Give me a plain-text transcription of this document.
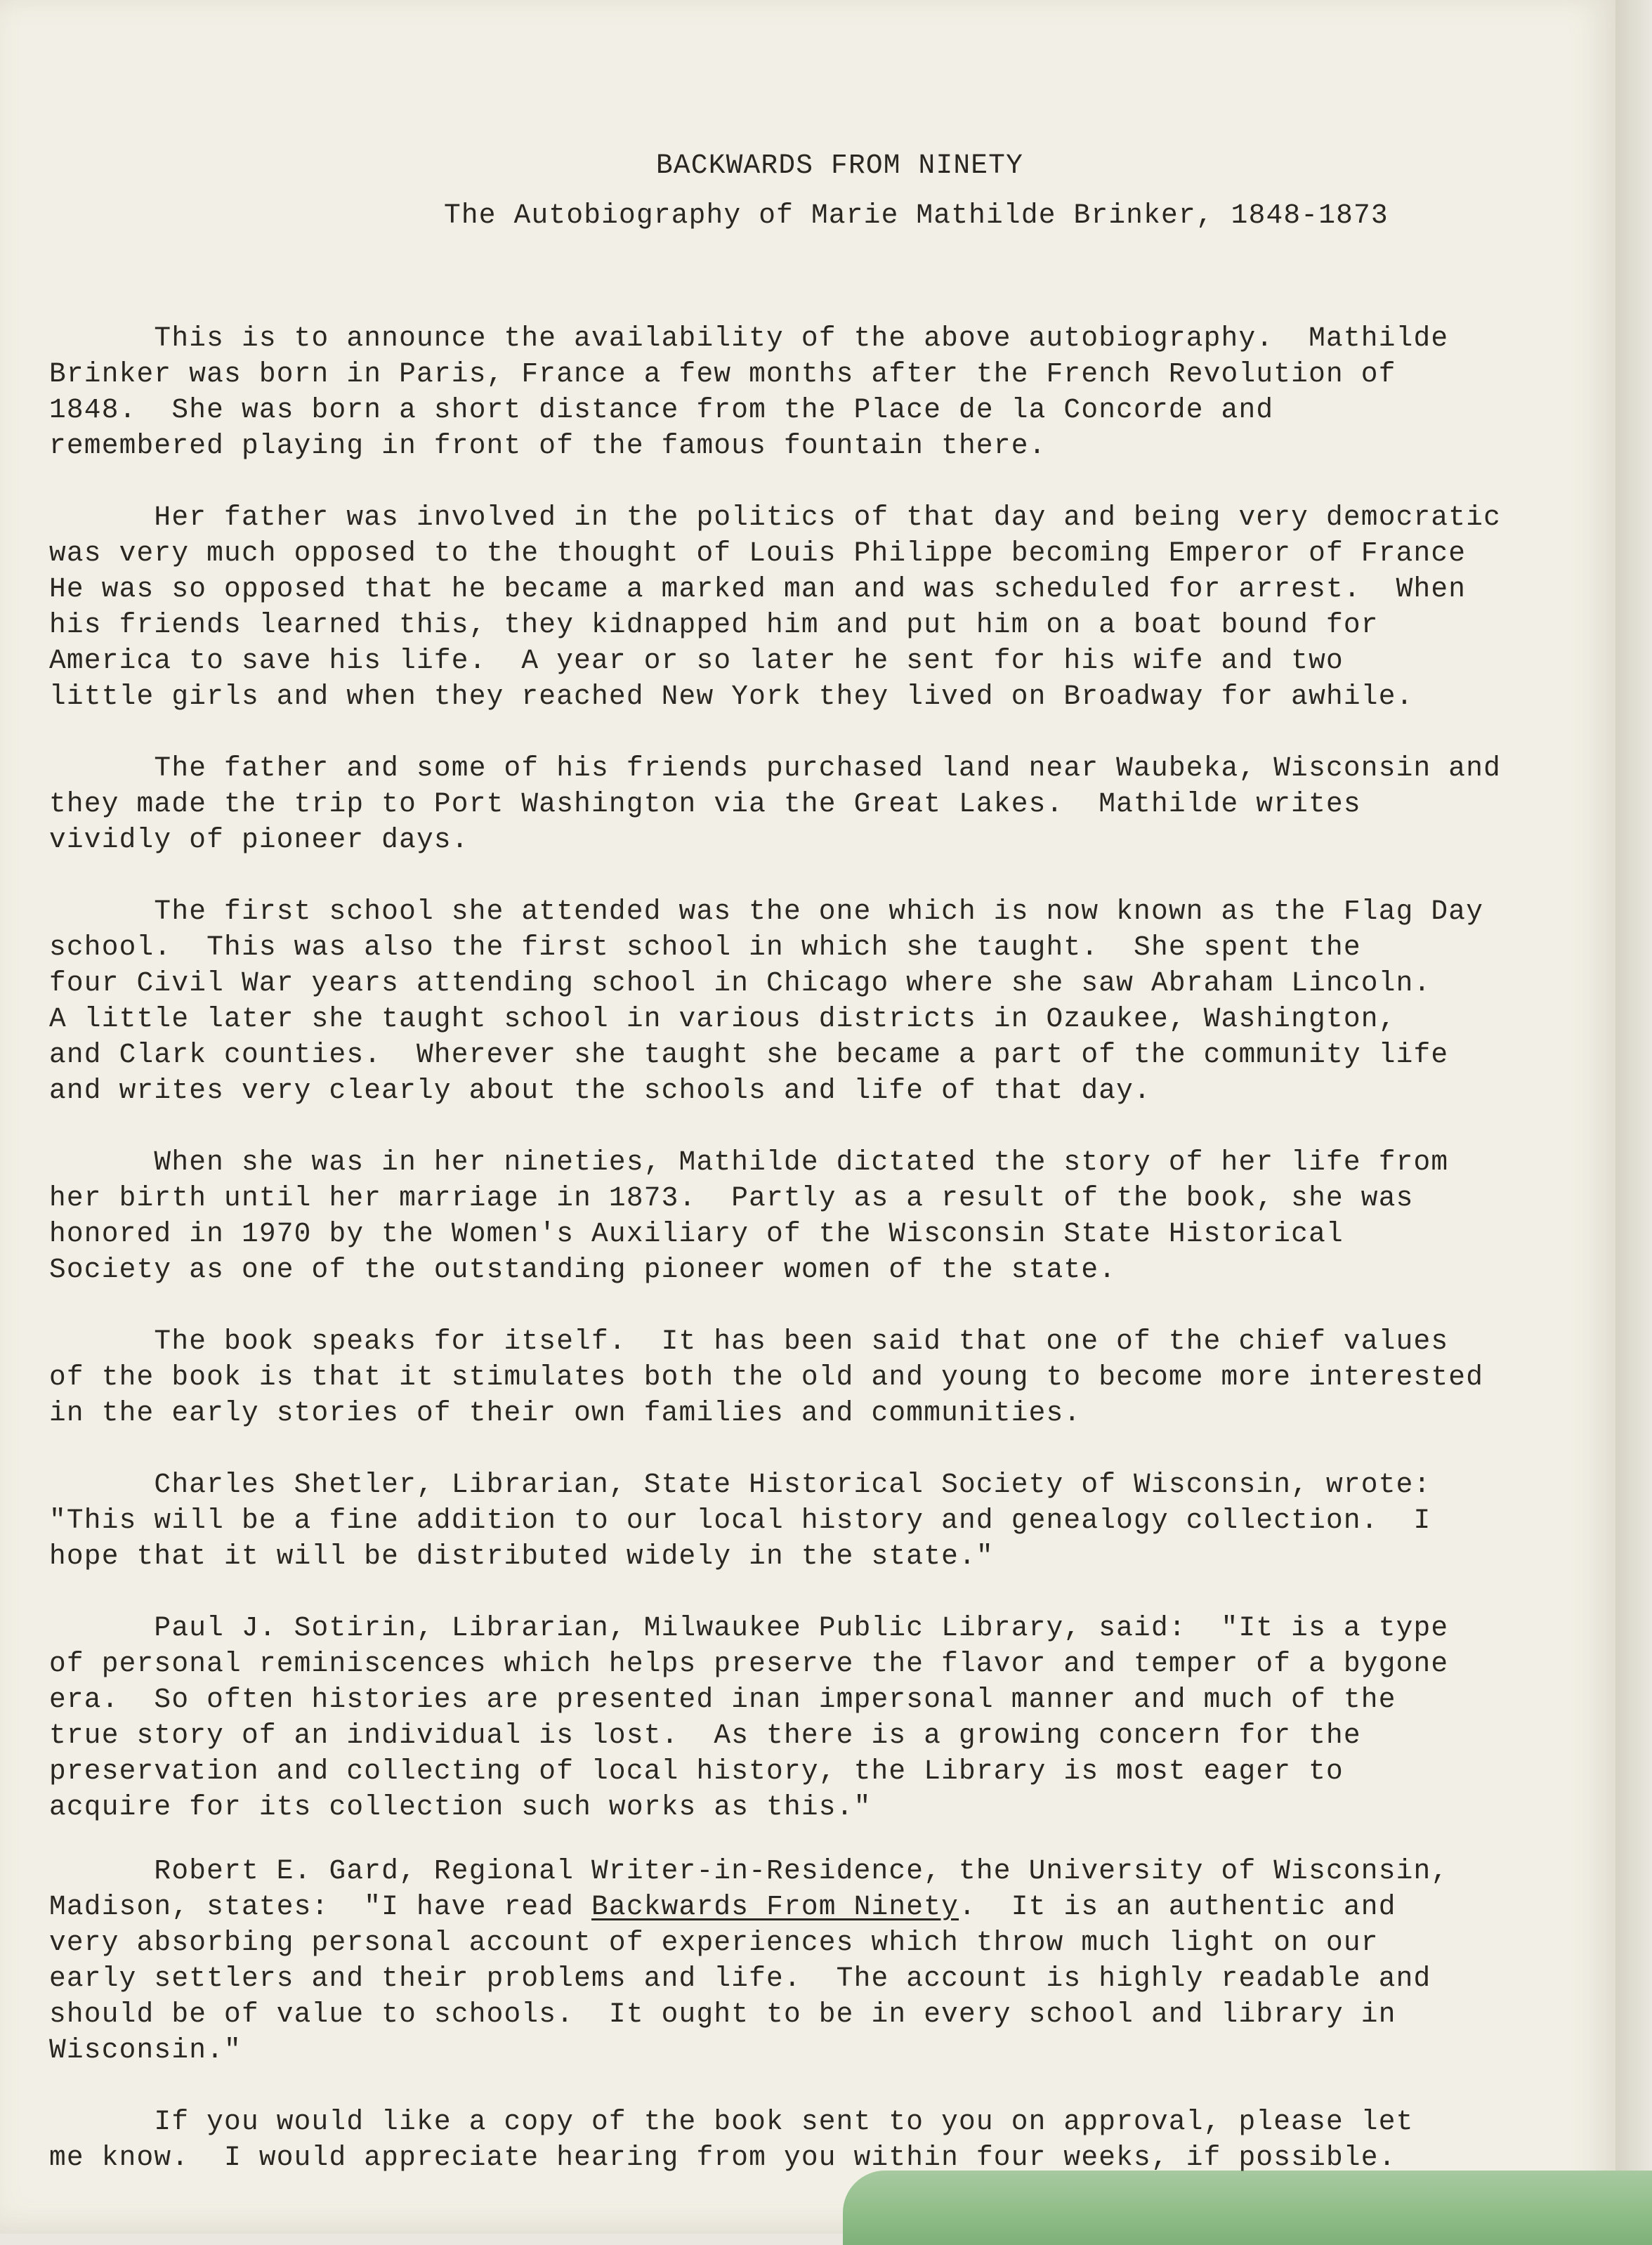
BACKWARDS FROM NINETY
The Autobiography of Marie Mathilde Brinker, 1848-1873

This is to announce the availability of the above autobiography.  Mathilde

Brinker was born in Paris, France a few months after the French Revolution of

1848.  She was born a short distance from the Place de la Concorde and

remembered playing in front of the famous fountain there.

Her father was involved in the politics of that day and being very democratic

was very much opposed to the thought of Louis Philippe becoming Emperor of France

He was so opposed that he became a marked man and was scheduled for arrest.  When

his friends learned this, they kidnapped him and put him on a boat bound for

America to save his life.  A year or so later he sent for his wife and two

little girls and when they reached New York they lived on Broadway for awhile.

The father and some of his friends purchased land near Waubeka, Wisconsin and

they made the trip to Port Washington via the Great Lakes.  Mathilde writes

vividly of pioneer days.

The first school she attended was the one which is now known as the Flag Day

school.  This was also the first school in which she taught.  She spent the

four Civil War years attending school in Chicago where she saw Abraham Lincoln.

A little later she taught school in various districts in Ozaukee, Washington,

and Clark counties.  Wherever she taught she became a part of the community life

and writes very clearly about the schools and life of that day.

When she was in her nineties, Mathilde dictated the story of her life from

her birth until her marriage in 1873.  Partly as a result of the book, she was

honored in 1970 by the Women's Auxiliary of the Wisconsin State Historical

Society as one of the outstanding pioneer women of the state.

The book speaks for itself.  It has been said that one of the chief values

of the book is that it stimulates both the old and young to become more interested

in the early stories of their own families and communities.

Charles Shetler, Librarian, State Historical Society of Wisconsin, wrote:

"This will be a fine addition to our local history and genealogy collection.  I

hope that it will be distributed widely in the state."

Paul J. Sotirin, Librarian, Milwaukee Public Library, said:  "It is a type

of personal reminiscences which helps preserve the flavor and temper of a bygone

era.  So often histories are presented inan impersonal manner and much of the

true story of an individual is lost.  As there is a growing concern for the

preservation and collecting of local history, the Library is most eager to

acquire for its collection such works as this."

Robert E. Gard, Regional Writer-in-Residence, the University of Wisconsin,

Madison, states:  "I have read Backwards From Ninety.  It is an authentic and

very absorbing personal account of experiences which throw much light on our

early settlers and their problems and life.  The account is highly readable and

should be of value to schools.  It ought to be in every school and library in

Wisconsin."

If you would like a copy of the book sent to you on approval, please let

me know.  I would appreciate hearing from you within four weeks, if possible.
